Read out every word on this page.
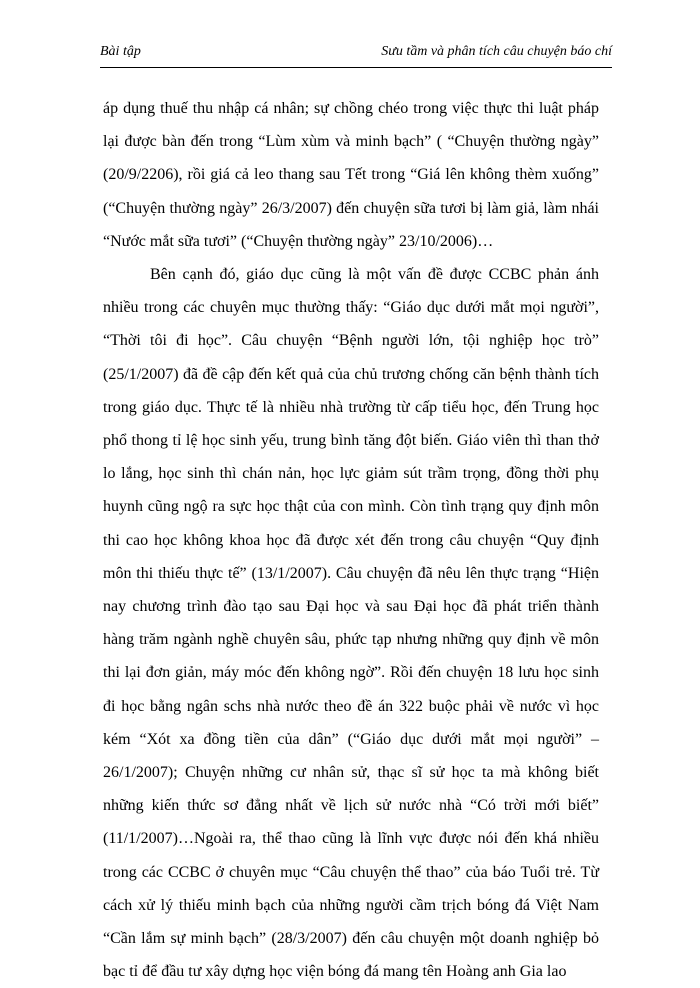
Bài tập	Sưu tầm và phân tích câu chuyện báo chí

áp dụng thuế thu nhập cá nhân; sự chồng chéo trong việc thực thi luật pháp lại được bàn đến trong “Lùm xùm và minh bạch” ( “Chuyện thường ngày” (20/9/2206), rồi giá cả leo thang sau Tết trong “Giá lên không thèm xuống” (“Chuyện thường ngày” 26/3/2007) đến chuyện sữa tươi bị làm giả, làm nhái “Nước mắt sữa tươi” (“Chuyện thường ngày” 23/10/2006)…

Bên cạnh đó, giáo dục cũng là một vấn đề được CCBC phản ánh nhiều trong các chuyên mục thường thấy: “Giáo dục dưới mắt mọi người”, “Thời tôi đi học”. Câu chuyện “Bệnh người lớn, tội nghiệp học trò” (25/1/2007) đã đề cập đến kết quả của chủ trương chống căn bệnh thành tích trong giáo dục. Thực tế là nhiều nhà trường từ cấp tiểu học, đến Trung học phổ thong tỉ lệ học sinh yếu, trung bình tăng đột biến. Giáo viên thì than thở lo lắng, học sinh thì chán nản, học lực giảm sút trầm trọng, đồng thời phụ huynh cũng ngộ ra sực học thật của con mình. Còn tình trạng quy định môn thi cao học không khoa học đã được xét đến trong câu chuyện “Quy định môn thi thiếu thực tế” (13/1/2007). Câu chuyện đã nêu lên thực trạng “Hiện nay chương trình đào tạo sau Đại học và sau Đại học đã phát triển thành hàng trăm ngành nghề chuyên sâu, phức tạp nhưng những quy định về môn thi lại đơn giản, máy móc đến không ngờ”. Rồi đến chuyện 18 lưu học sinh đi học bằng ngân schs nhà nước theo đề án 322 buộc phải về nước vì học kém “Xót xa đồng tiền của dân” (“Giáo dục dưới mắt mọi người” – 26/1/2007); Chuyện những cư nhân sử, thạc sĩ sử học ta mà không biết những kiến thức sơ đẳng nhất về lịch sử nước nhà “Có trời mới biết” (11/1/2007)…Ngoài ra, thể thao cũng là lĩnh vực được nói đến khá nhiều trong các CCBC ở chuyên mục “Câu chuyện thể thao” của báo Tuổi trẻ. Từ cách xử lý thiếu minh bạch của những người cầm trịch bóng đá Việt Nam “Cần lắm sự minh bạch” (28/3/2007) đến câu chuyện một doanh nghiệp bỏ bạc tỉ để đầu tư xây dựng học viện bóng đá mang tên Hoàng anh Gia lao
